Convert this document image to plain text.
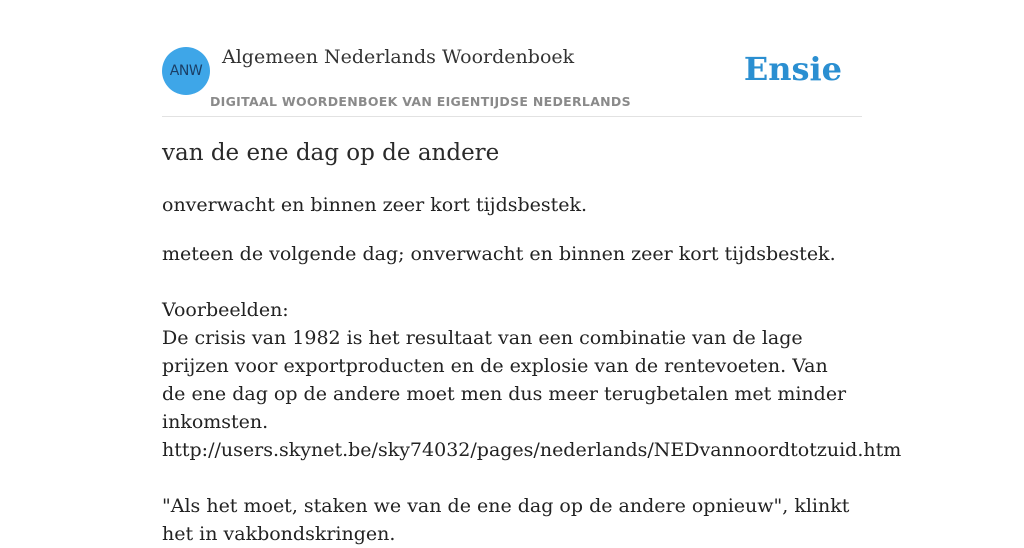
ANW
Algemeen Nederlands Woordenboek
DIGITAAL WOORDENBOEK VAN EIGENTIJDSE NEDERLANDS
Ensie
van de ene dag op de andere

onverwacht en binnen zeer kort tijdsbestek.

meteen de volgende dag; onverwacht en binnen zeer kort tijdsbestek.

Voorbeelden:

De crisis van 1982 is het resultaat van een combinatie van de lage prijzen voor exportproducten en de explosie van de rentevoeten. Van de ene dag op de andere moet men dus meer terugbetalen met minder inkomsten.

http://users.skynet.be/sky74032/pages/nederlands/NEDvannoordtotzuid.htm

"Als het moet, staken we van de ene dag op de andere opnieuw", klinkt het in vakbondskringen.
